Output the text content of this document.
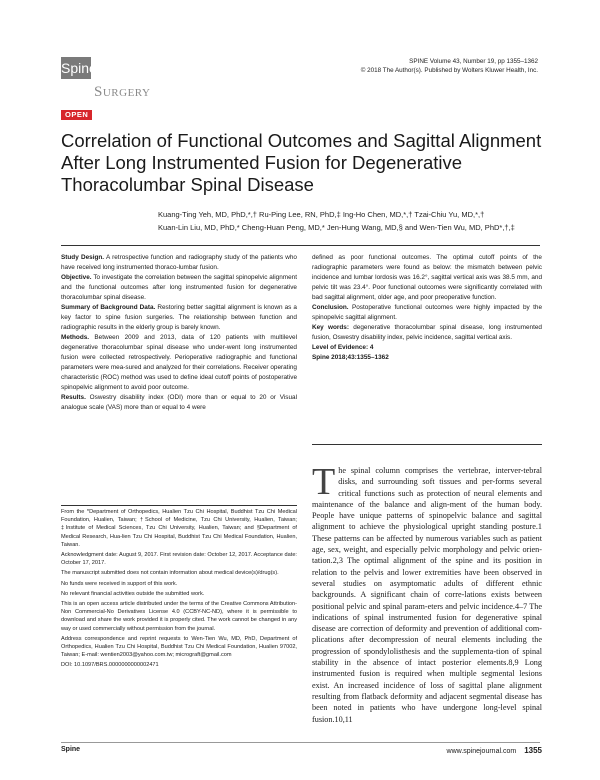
Spine
Surgery
SPINE Volume 43, Number 19, pp 1355–1362
© 2018 The Author(s). Published by Wolters Kluwer Health, Inc.
OPEN
Correlation of Functional Outcomes and Sagittal Alignment After Long Instrumented Fusion for Degenerative Thoracolumbar Spinal Disease
Kuang-Ting Yeh, MD, PhD,*,† Ru-Ping Lee, RN, PhD,‡ Ing-Ho Chen, MD,*,† Tzai-Chiu Yu, MD,*,†
Kuan-Lin Liu, MD, PhD,* Cheng-Huan Peng, MD,* Jen-Hung Wang, MD,§ and Wen-Tien Wu, MD, PhD*,†,‡

Study Design. A retrospective function and radiography study of the patients who have received long instrumented thoraco-lumbar fusion.

Objective. To investigate the correlation between the sagittal spinopelvic alignment and the functional outcomes after long instrumented fusion for degenerative thoracolumbar spinal disease.

Summary of Background Data. Restoring better sagittal alignment is known as a key factor to spine fusion surgeries. The relationship between function and radiographic results in the elderly group is barely known.

Methods. Between 2009 and 2013, data of 120 patients with multilevel degenerative thoracolumbar spinal disease who under-went long instrumented fusion were collected retrospectively. Perioperative radiographic and functional parameters were mea-sured and analyzed for their correlations. Receiver operating characteristic (ROC) method was used to define ideal cutoff points of postoperative spinopelvic alignment to avoid poor outcome.

Results. Oswestry disability index (ODI) more than or equal to 20 or Visual analogue scale (VAS) more than or equal to 4 were

defined as poor functional outcomes. The optimal cutoff points of the radiographic parameters were found as below: the mismatch between pelvic incidence and lumbar lordosis was 16.2°, sagittal vertical axis was 38.5 mm, and pelvic tilt was 23.4°. Poor functional outcomes were significantly correlated with bad sagittal alignment, older age, and poor preoperative function.

Conclusion. Postoperative functional outcomes were highly impacted by the spinopelvic sagittal alignment.

Key words: degenerative thoracolumbar spinal disease, long instrumented fusion, Oswestry disability index, pelvic incidence, sagittal vertical axis.

Level of Evidence: 4

Spine 2018;43:1355–1362

From the *Department of Orthopedics, Hualien Tzu Chi Hospital, Buddhist Tzu Chi Medical Foundation, Hualien, Taiwan; †School of Medicine, Tzu Chi University, Hualien, Taiwan; ‡Institute of Medical Sciences, Tzu Chi University, Hualien, Taiwan; and §Department of Medical Research, Hua-lien Tzu Chi Hospital, Buddhist Tzu Chi Medical Foundation, Hualien, Taiwan.

Acknowledgment date: August 9, 2017. First revision date: October 12, 2017. Acceptance date: October 17, 2017.

The manuscript submitted does not contain information about medical device(s)/drug(s).

No funds were received in support of this work.

No relevant financial activities outside the submitted work.

This is an open access article distributed under the terms of the Creative Commons Attribution-Non Commercial-No Derivatives License 4.0 (CCBY-NC-ND), where it is permissible to download and share the work provided it is properly cited. The work cannot be changed in any way or used commercially without permission from the journal.

Address correspondence and reprint requests to Wen-Tien Wu, MD, PhD, Department of Orthopedics, Hualien Tzu Chi Hospital, Buddhist Tzu Chi Medical Foundation, Hualien 97002, Taiwan; E-mail: wentien2003@yahoo.com.tw; micrograft@gmail.com

DOI: 10.1097/BRS.0000000000002471

The spinal column comprises the vertebrae, interver-tebral disks, and surrounding soft tissues and per-forms several critical functions such as protection of neural elements and maintenance of the balance and align-ment of the human body. People have unique patterns of spinopelvic balance and sagittal alignment to achieve the physiological upright standing posture.1 These patterns can be affected by numerous variables such as patient age, sex, weight, and especially pelvic morphology and pelvic orien-tation.2,3 The optimal alignment of the spine and its position in relation to the pelvis and lower extremities have been observed in several studies on asymptomatic adults of different ethnic backgrounds. A significant chain of corre-lations exists between positional pelvic and spinal param-eters and pelvic incidence.4–7 The indications of spinal instrumented fusion for degenerative spinal disease are correction of deformity and prevention of additional com-plications after decompression of neural elements including the progression of spondylolisthesis and the supplementa-tion of spinal stability in the absence of intact posterior elements.8,9 Long instrumented fusion is required when multiple segmental lesions exist. An increased incidence of loss of sagittal plane alignment resulting from flatback deformity and adjacent segmental disease has been noted in patients who have undergone long-level spinal fusion.10,11
Spine	www.spinejournal.com 1355
